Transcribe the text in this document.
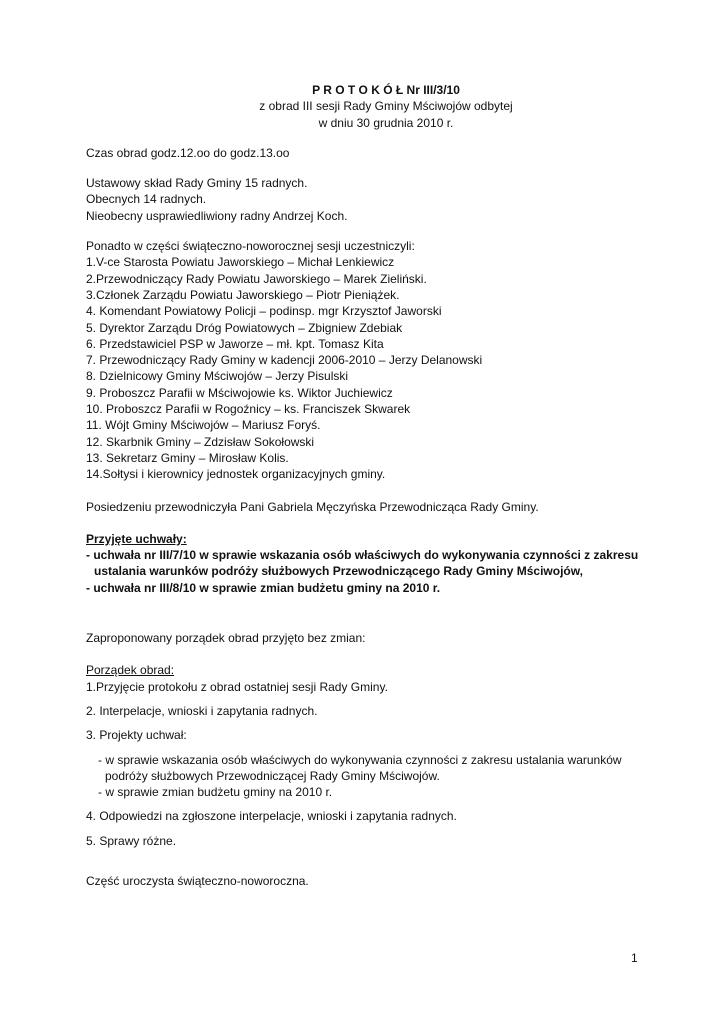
P R O T O K Ó Ł Nr III/3/10
z obrad III sesji Rady Gminy Mściwojów odbytej
w dniu 30 grudnia 2010 r.
Czas obrad godz.12.oo do godz.13.oo
Ustawowy skład Rady Gminy 15 radnych.
Obecnych 14 radnych.
Nieobecny usprawiedliwiony radny Andrzej Koch.
Ponadto w części świąteczno-noworocznej sesji uczestniczyli:
1.V-ce Starosta Powiatu Jaworskiego – Michał Lenkiewicz
2.Przewodniczący Rady Powiatu Jaworskiego – Marek Zieliński.
3.Członek Zarządu Powiatu Jaworskiego – Piotr Pieniążek.
4. Komendant Powiatowy Policji – podinsp. mgr Krzysztof Jaworski
5. Dyrektor Zarządu Dróg Powiatowych – Zbigniew Zdebiak
6. Przedstawiciel PSP w Jaworze – mł. kpt. Tomasz Kita
7. Przewodniczący Rady Gminy w kadencji 2006-2010 – Jerzy Delanowski
8. Dzielnicowy Gminy Mściwojów – Jerzy Pisulski
9. Proboszcz Parafii w Mściwojowie ks. Wiktor Juchiewicz
10. Proboszcz Parafii w Rogoźnicy – ks. Franciszek Skwarek
11. Wójt Gminy Mściwojów – Mariusz Foryś.
12. Skarbnik Gminy – Zdzisław Sokołowski
13. Sekretarz Gminy – Mirosław Kolis.
14.Sołtysi i kierownicy jednostek organizacyjnych gminy.
Posiedzeniu przewodniczyła Pani Gabriela Męczyńska Przewodnicząca Rady Gminy.
Przyjęte uchwały:
- uchwała nr III/7/10 w sprawie wskazania osób właściwych do wykonywania czynności z zakresu
ustalania warunków podróży służbowych Przewodniczącego Rady Gminy Mściwojów,
- uchwała nr III/8/10 w sprawie zmian budżetu gminy na 2010 r.
Zaproponowany porządek obrad przyjęto bez zmian:
Porządek obrad:
1.Przyjęcie protokołu z obrad ostatniej sesji Rady Gminy.
2. Interpelacje, wnioski i zapytania radnych.
3. Projekty uchwał:
- w sprawie wskazania osób właściwych do wykonywania czynności z zakresu ustalania warunków
podróży służbowych Przewodniczącej Rady Gminy Mściwojów.
- w sprawie zmian budżetu gminy na 2010 r.
4. Odpowiedzi na zgłoszone interpelacje, wnioski i zapytania radnych.
5. Sprawy różne.
Część uroczysta świąteczno-noworoczna.
1
